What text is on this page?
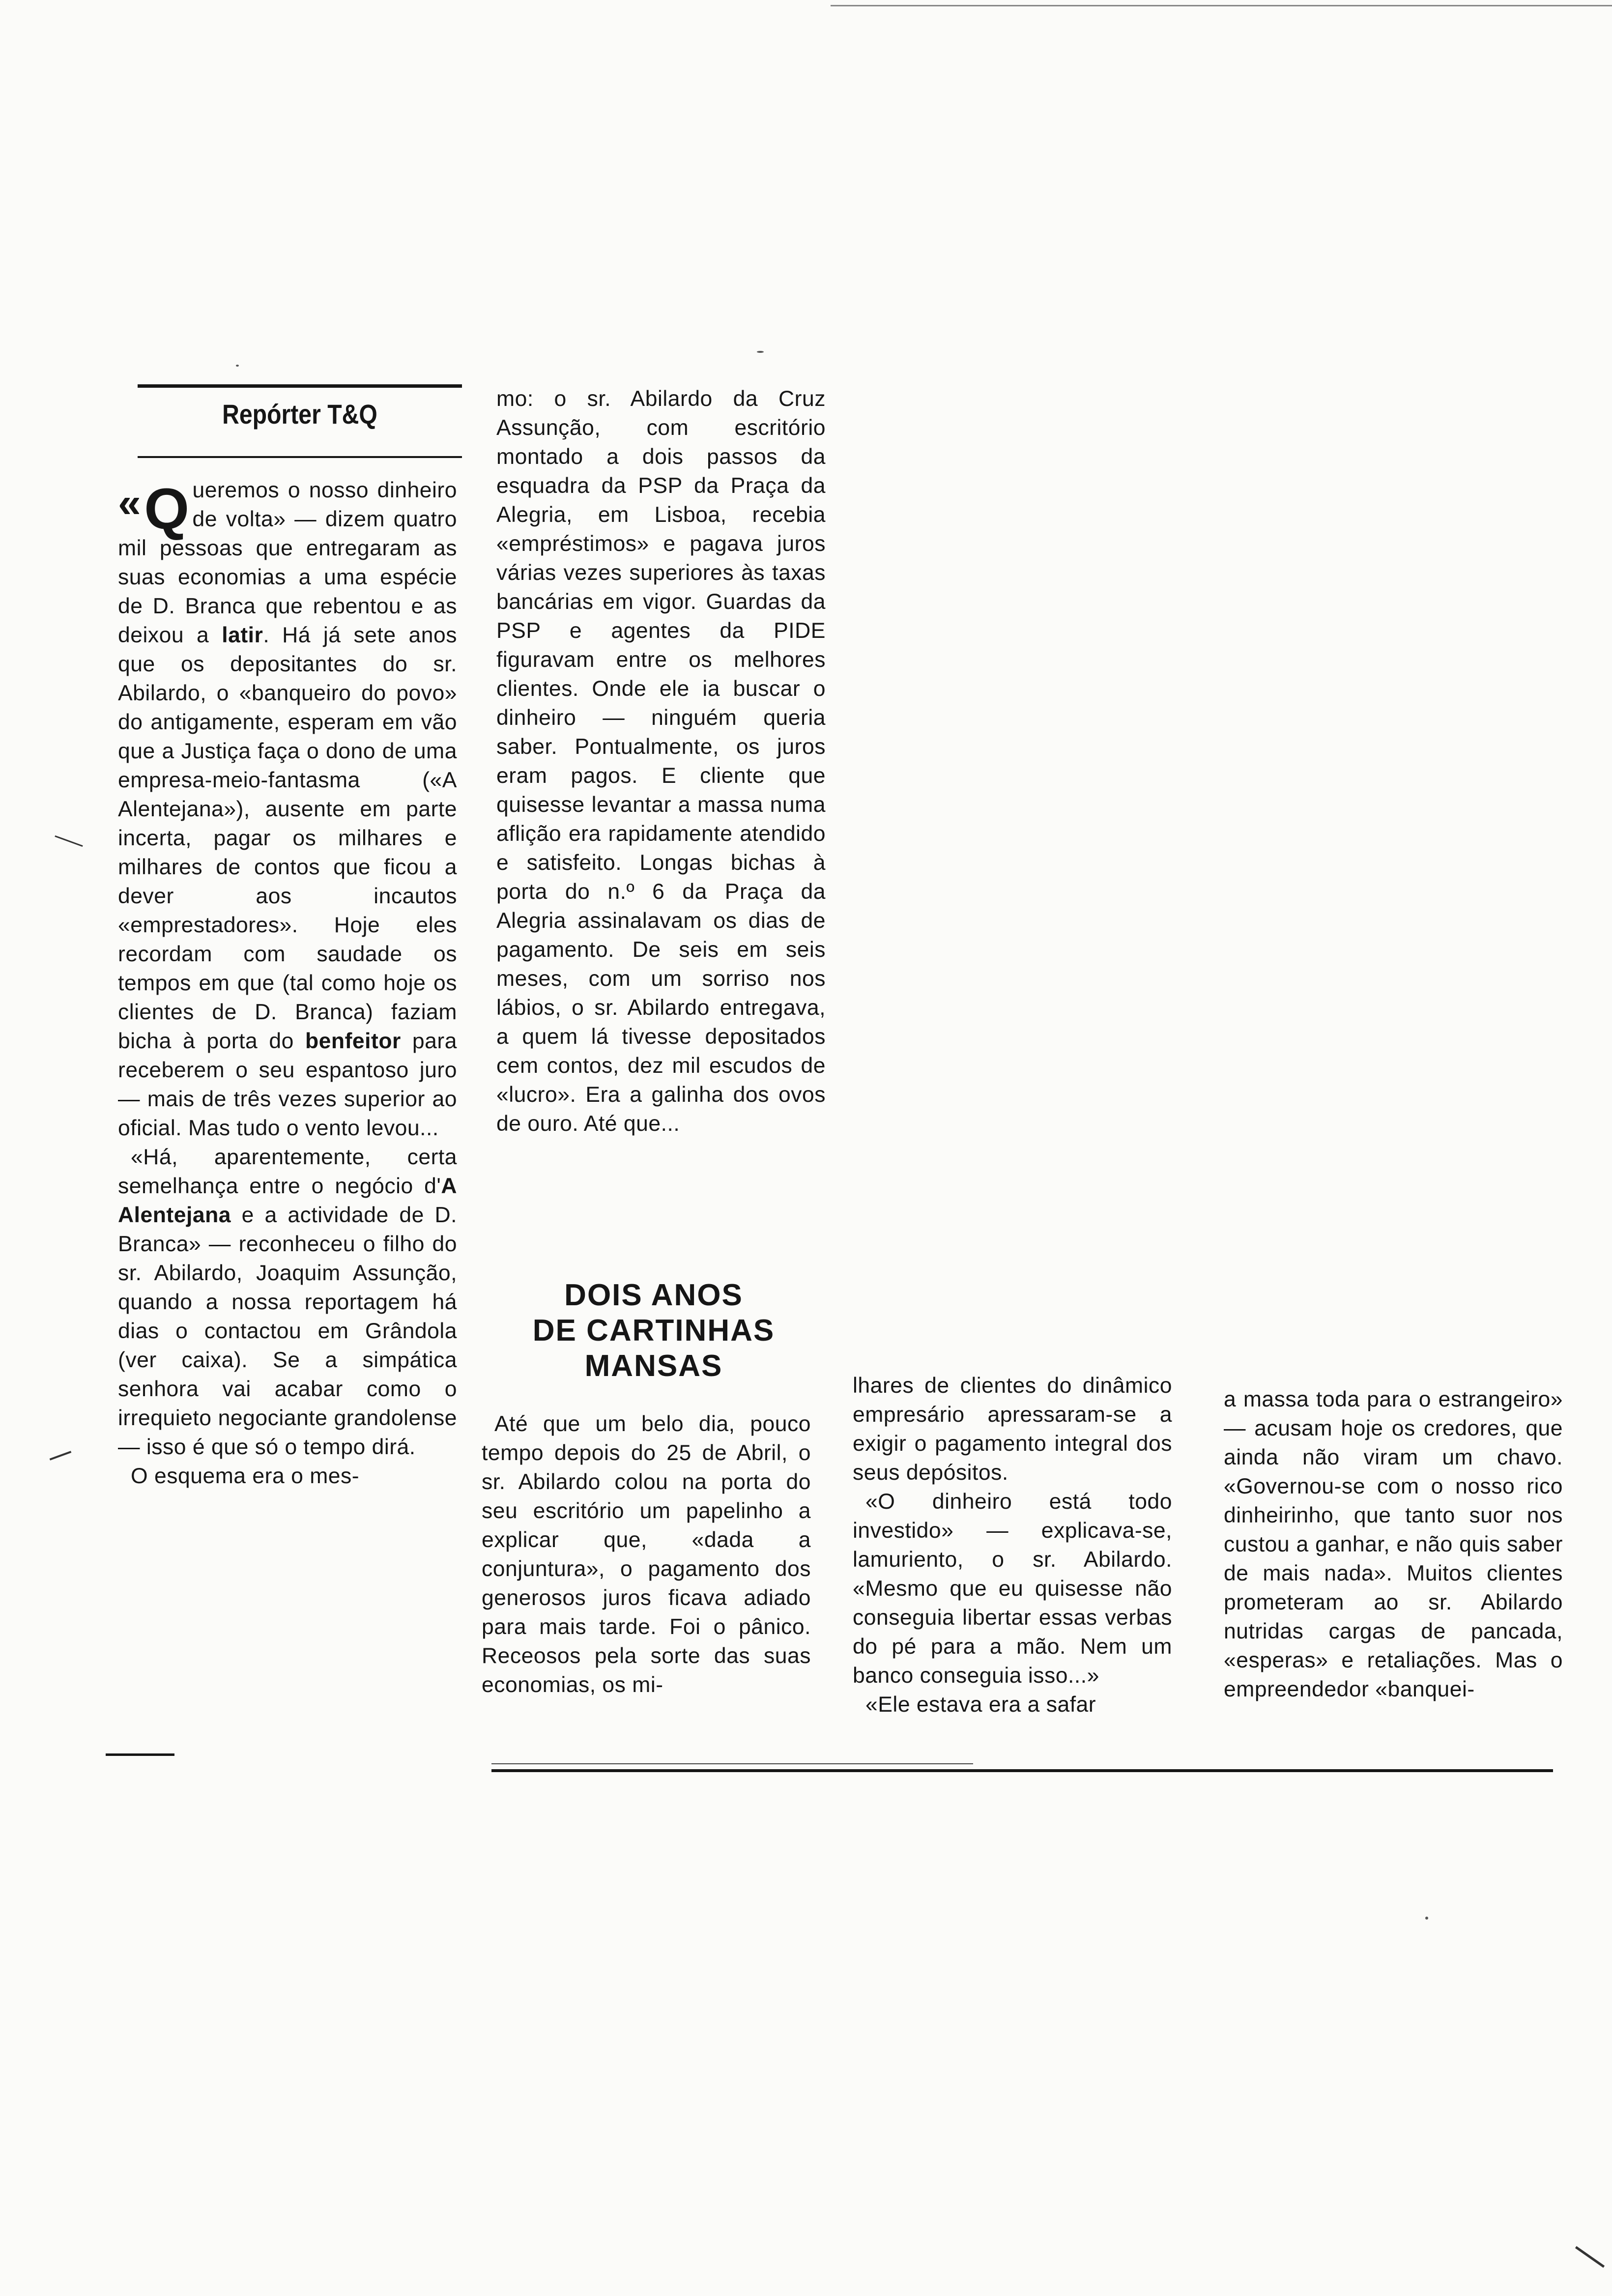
Repórter T&Q

«Q ueremos o nosso dinheiro de volta» — dizem quatro mil pessoas que entregaram as suas economias a uma espécie de D. Branca que rebentou e as deixou a latir. Há já sete anos que os depositantes do sr. Abilardo, o «banqueiro do povo» do antigamente, esperam em vão que a Justiça faça o dono de uma empresa-meio-fantasma («A Alentejana»), ausente em parte incerta, pagar os milhares e milhares de contos que ficou a dever aos incautos «emprestadores». Hoje eles recordam com saudade os tempos em que (tal como hoje os clientes de D. Branca) faziam bicha à porta do benfeitor para receberem o seu espantoso juro — mais de três vezes superior ao oficial. Mas tudo o vento levou...

«Há, aparentemente, certa semelhança entre o negócio d'A Alentejana e a actividade de D. Branca» — reconheceu o filho do sr. Abilardo, Joaquim Assunção, quando a nossa reportagem há dias o contactou em Grândola (ver caixa). Se a simpática senhora vai acabar como o irrequieto negociante grandolense — isso é que só o tempo dirá.

O esquema era o mes-

mo: o sr. Abilardo da Cruz Assunção, com escritório montado a dois passos da esquadra da PSP da Praça da Alegria, em Lisboa, recebia «empréstimos» e pagava juros várias vezes superiores às taxas bancárias em vigor. Guardas da PSP e agentes da PIDE figuravam entre os melhores clientes. Onde ele ia buscar o dinheiro — ninguém queria saber. Pontualmente, os juros eram pagos. E cliente que quisesse levantar a massa numa aflição era rapidamente atendido e satisfeito. Longas bichas à porta do n.º 6 da Praça da Alegria assinalavam os dias de pagamento. De seis em seis meses, com um sorriso nos lábios, o sr. Abilardo entregava, a quem lá tivesse depositados cem contos, dez mil escudos de «lucro». Era a galinha dos ovos de ouro. Até que...

DOIS ANOS
DE CARTINHAS
MANSAS

Até que um belo dia, pouco tempo depois do 25 de Abril, o sr. Abilardo colou na porta do seu escritório um papelinho a explicar que, «dada a conjuntura», o pagamento dos generosos juros ficava adiado para mais tarde. Foi o pânico. Receosos pela sorte das suas economias, os mi-

lhares de clientes do dinâmico empresário apressaram-se a exigir o pagamento integral dos seus depósitos.

«O dinheiro está todo investido» — explicava-se, lamuriento, o sr. Abilardo. «Mesmo que eu quisesse não conseguia libertar essas verbas do pé para a mão. Nem um banco conseguia isso...»

«Ele estava era a safar

a massa toda para o estrangeiro» — acusam hoje os credores, que ainda não viram um chavo. «Governou-se com o nosso rico dinheirinho, que tanto suor nos custou a ganhar, e não quis saber de mais nada». Muitos clientes prometeram ao sr. Abilardo nutridas cargas de pancada, «esperas» e retaliações. Mas o empreendedor «banquei-
